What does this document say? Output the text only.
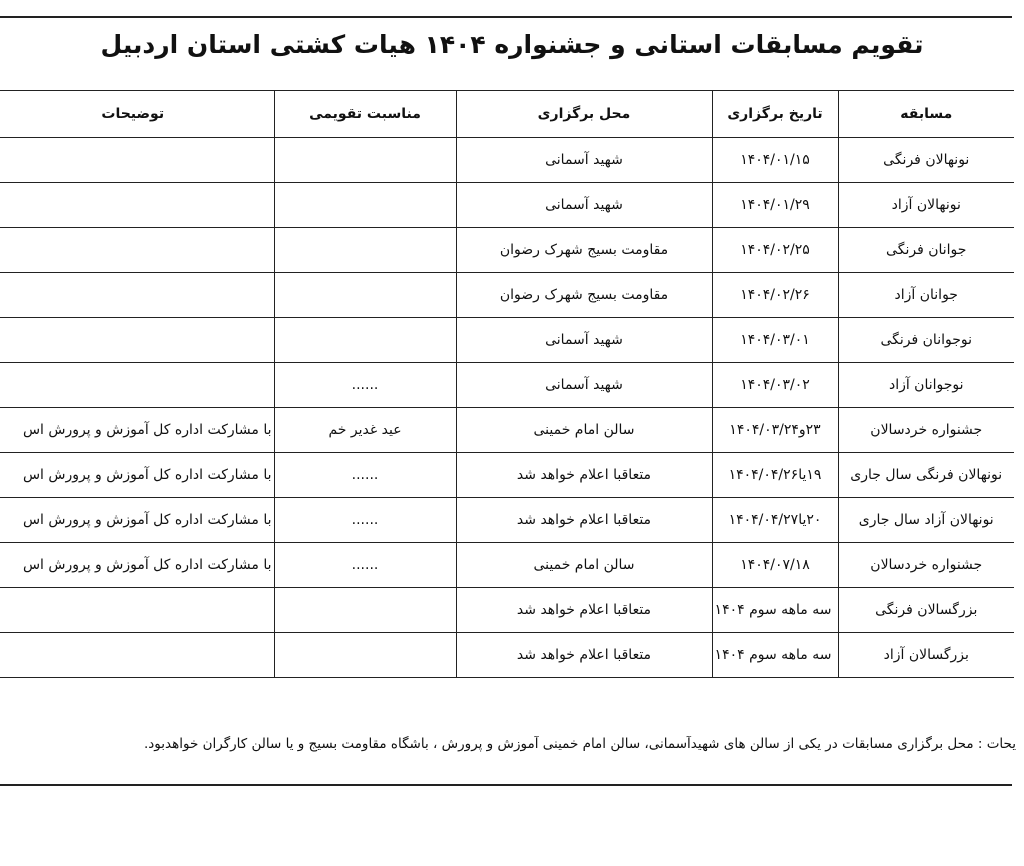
تقویم مسابقات استانی و جشنواره ۱۴۰۴ هیات کشتی استان اردبیل
مسابقه	تاریخ برگزاری	محل برگزاری	مناسبت تقویمی	توضیحات
نونهالان فرنگی	۱۴۰۴/۰۱/۱۵	شهید آسمانی		
نونهالان آزاد	۱۴۰۴/۰۱/۲۹	شهید آسمانی		
جوانان فرنگی	۱۴۰۴/۰۲/۲۵	مقاومت بسیج شهرک رضوان		
جوانان آزاد	۱۴۰۴/۰۲/۲۶	مقاومت بسیج شهرک رضوان		
نوجوانان فرنگی	۱۴۰۴/۰۳/۰۱	شهید آسمانی		
نوجوانان آزاد	۱۴۰۴/۰۳/۰۲	شهید آسمانی	......	
جشنواره خردسالان	۲۳و۱۴۰۴/۰۳/۲۴	سالن امام خمینی	عید غدیر خم	با مشارکت اداره کل آموزش و پرورش اس
نونهالان فرنگی سال جاری	۱۹یا۱۴۰۴/۰۴/۲۶	متعاقبا اعلام خواهد شد	......	با مشارکت اداره کل آموزش و پرورش اس
نونهالان آزاد سال جاری	۲۰یا۱۴۰۴/۰۴/۲۷	متعاقبا اعلام خواهد شد	......	با مشارکت اداره کل آموزش و پرورش اس
جشنواره خردسالان	۱۴۰۴/۰۷/۱۸	سالن امام خمینی	......	با مشارکت اداره کل آموزش و پرورش اس
بزرگسالان فرنگی	سه ماهه سوم ۱۴۰۴	متعاقبا اعلام خواهد شد		
بزرگسالان آزاد	سه ماهه سوم ۱۴۰۴	متعاقبا اعلام خواهد شد		
یحات : محل برگزاری مسابقات در یکی از سالن های شهیدآسمانی، سالن امام خمینی آموزش و پرورش ، باشگاه مقاومت بسیج و یا سالن کارگران خواهدبود.
